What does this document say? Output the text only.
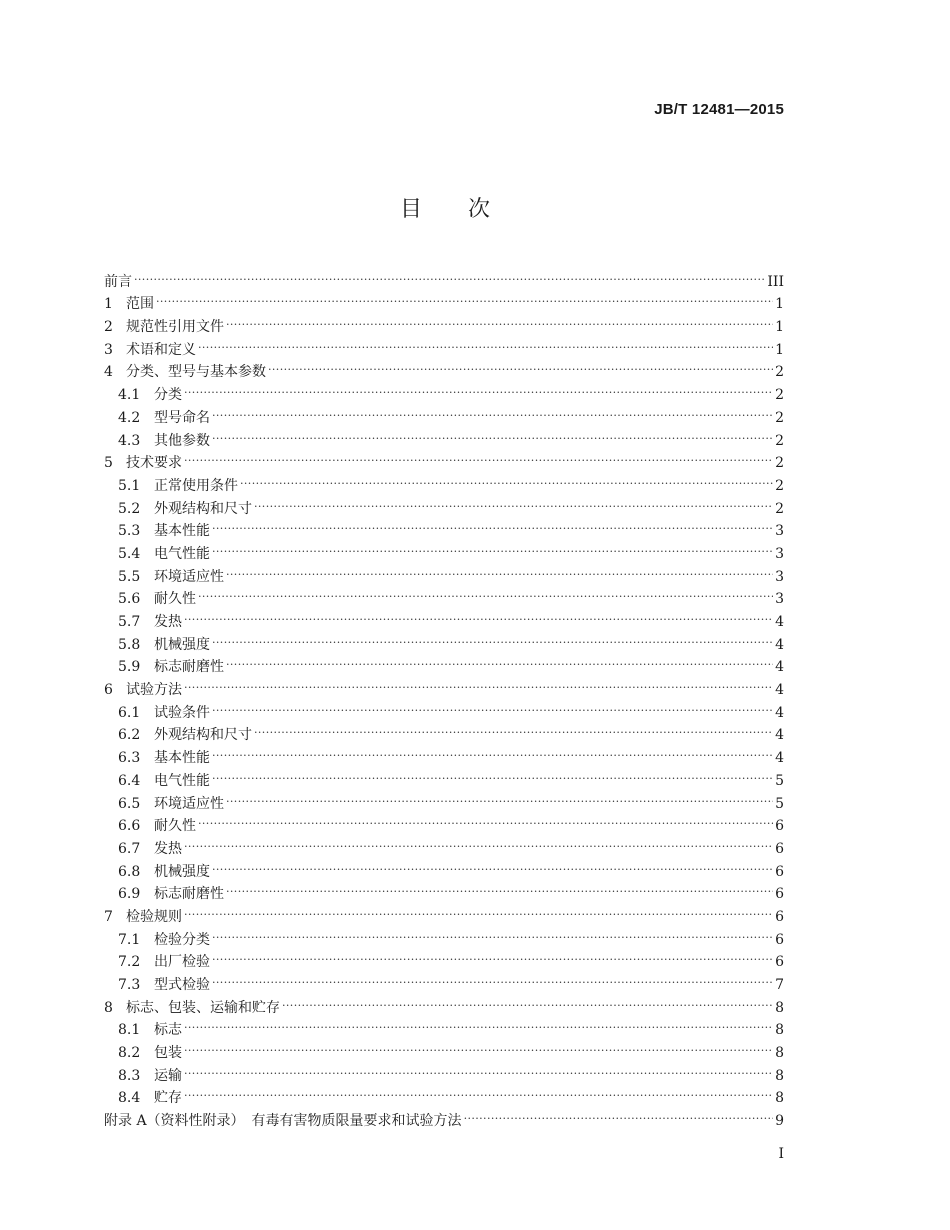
JB/T 12481—2015
目 次
前言 .....	III
1 范围 .....	1
2 规范性引用文件 .....	1
3 术语和定义 .....	1
4 分类、型号与基本参数 .....	2
4.1 分类 .....	2
4.2 型号命名 .....	2
4.3 其他参数 .....	2
5 技术要求 .....	2
5.1 正常使用条件 .....	2
5.2 外观结构和尺寸 .....	2
5.3 基本性能 .....	3
5.4 电气性能 .....	3
5.5 环境适应性 .....	3
5.6 耐久性 .....	3
5.7 发热 .....	4
5.8 机械强度 .....	4
5.9 标志耐磨性 .....	4
6 试验方法 .....	4
6.1 试验条件 .....	4
6.2 外观结构和尺寸 .....	4
6.3 基本性能 .....	4
6.4 电气性能 .....	5
6.5 环境适应性 .....	5
6.6 耐久性 .....	6
6.7 发热 .....	6
6.8 机械强度 .....	6
6.9 标志耐磨性 .....	6
7 检验规则 .....	6
7.1 检验分类 .....	6
7.2 出厂检验 .....	6
7.3 型式检验 .....	7
8 标志、包装、运输和贮存 .....	8
8.1 标志 .....	8
8.2 包装 .....	8
8.3 运输 .....	8
8.4 贮存 .....	8
附录 A（资料性附录）　有毒有害物质限量要求和试验方法 .....	9
I
